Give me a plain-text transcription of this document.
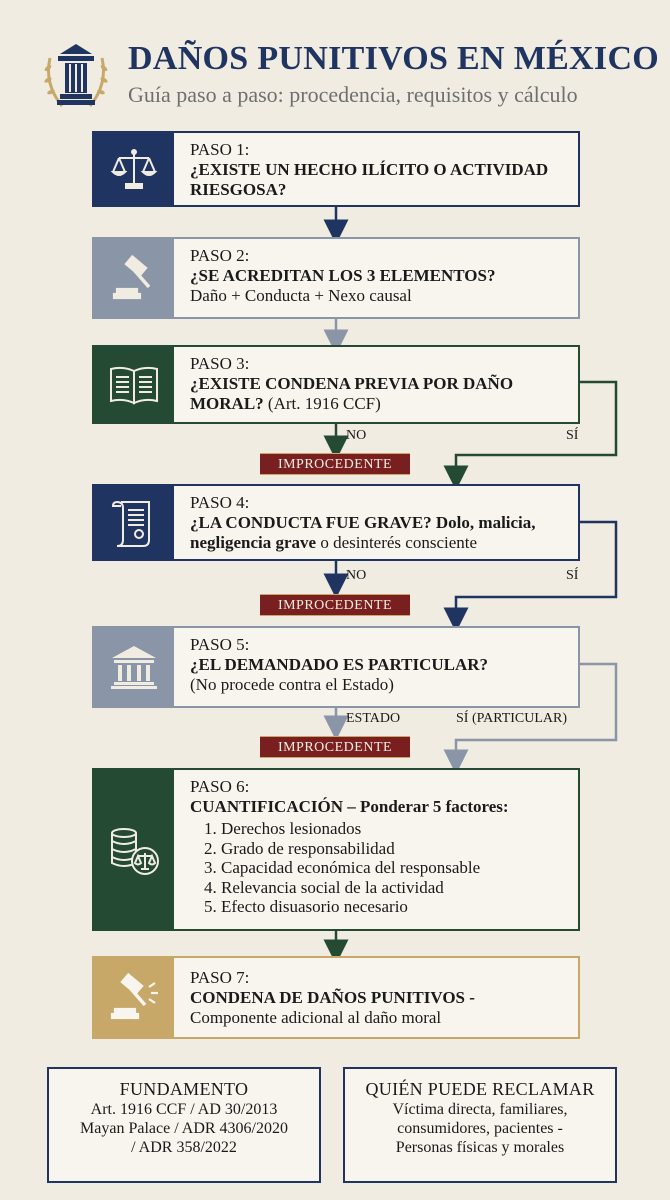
DAÑOS PUNITIVOS EN MÉXICO
Guía paso a paso: procedencia, requisitos y cálculo
PASO 1:
¿EXISTE UN HECHO ILÍCITO O ACTIVIDAD RIESGOSA?
PASO 2:
¿SE ACREDITAN LOS 3 ELEMENTOS?
Daño + Conducta + Nexo causal
PASO 3:
¿EXISTE CONDENA PREVIA POR DAÑO MORAL? (Art. 1916 CCF)
NO	SÍ
IMPROCEDENTE
PASO 4:
¿LA CONDUCTA FUE GRAVE? Dolo, malicia, negligencia grave o desinterés consciente
NO	SÍ
IMPROCEDENTE
PASO 5:
¿EL DEMANDADO ES PARTICULAR?
(No procede contra el Estado)
ESTADO	SÍ (PARTICULAR)
IMPROCEDENTE
PASO 6:
CUANTIFICACIÓN – Ponderar 5 factores:
1. Derechos lesionados
2. Grado de responsabilidad
3. Capacidad económica del responsable
4. Relevancia social de la actividad
5. Efecto disuasorio necesario
PASO 7:
CONDENA DE DAÑOS PUNITIVOS -
Componente adicional al daño moral
FUNDAMENTO
Art. 1916 CCF / AD 30/2013
Mayan Palace / ADR 4306/2020
/ ADR 358/2022
QUIÉN PUEDE RECLAMAR
Víctima directa, familiares,
consumidores, pacientes -
Personas físicas y morales
